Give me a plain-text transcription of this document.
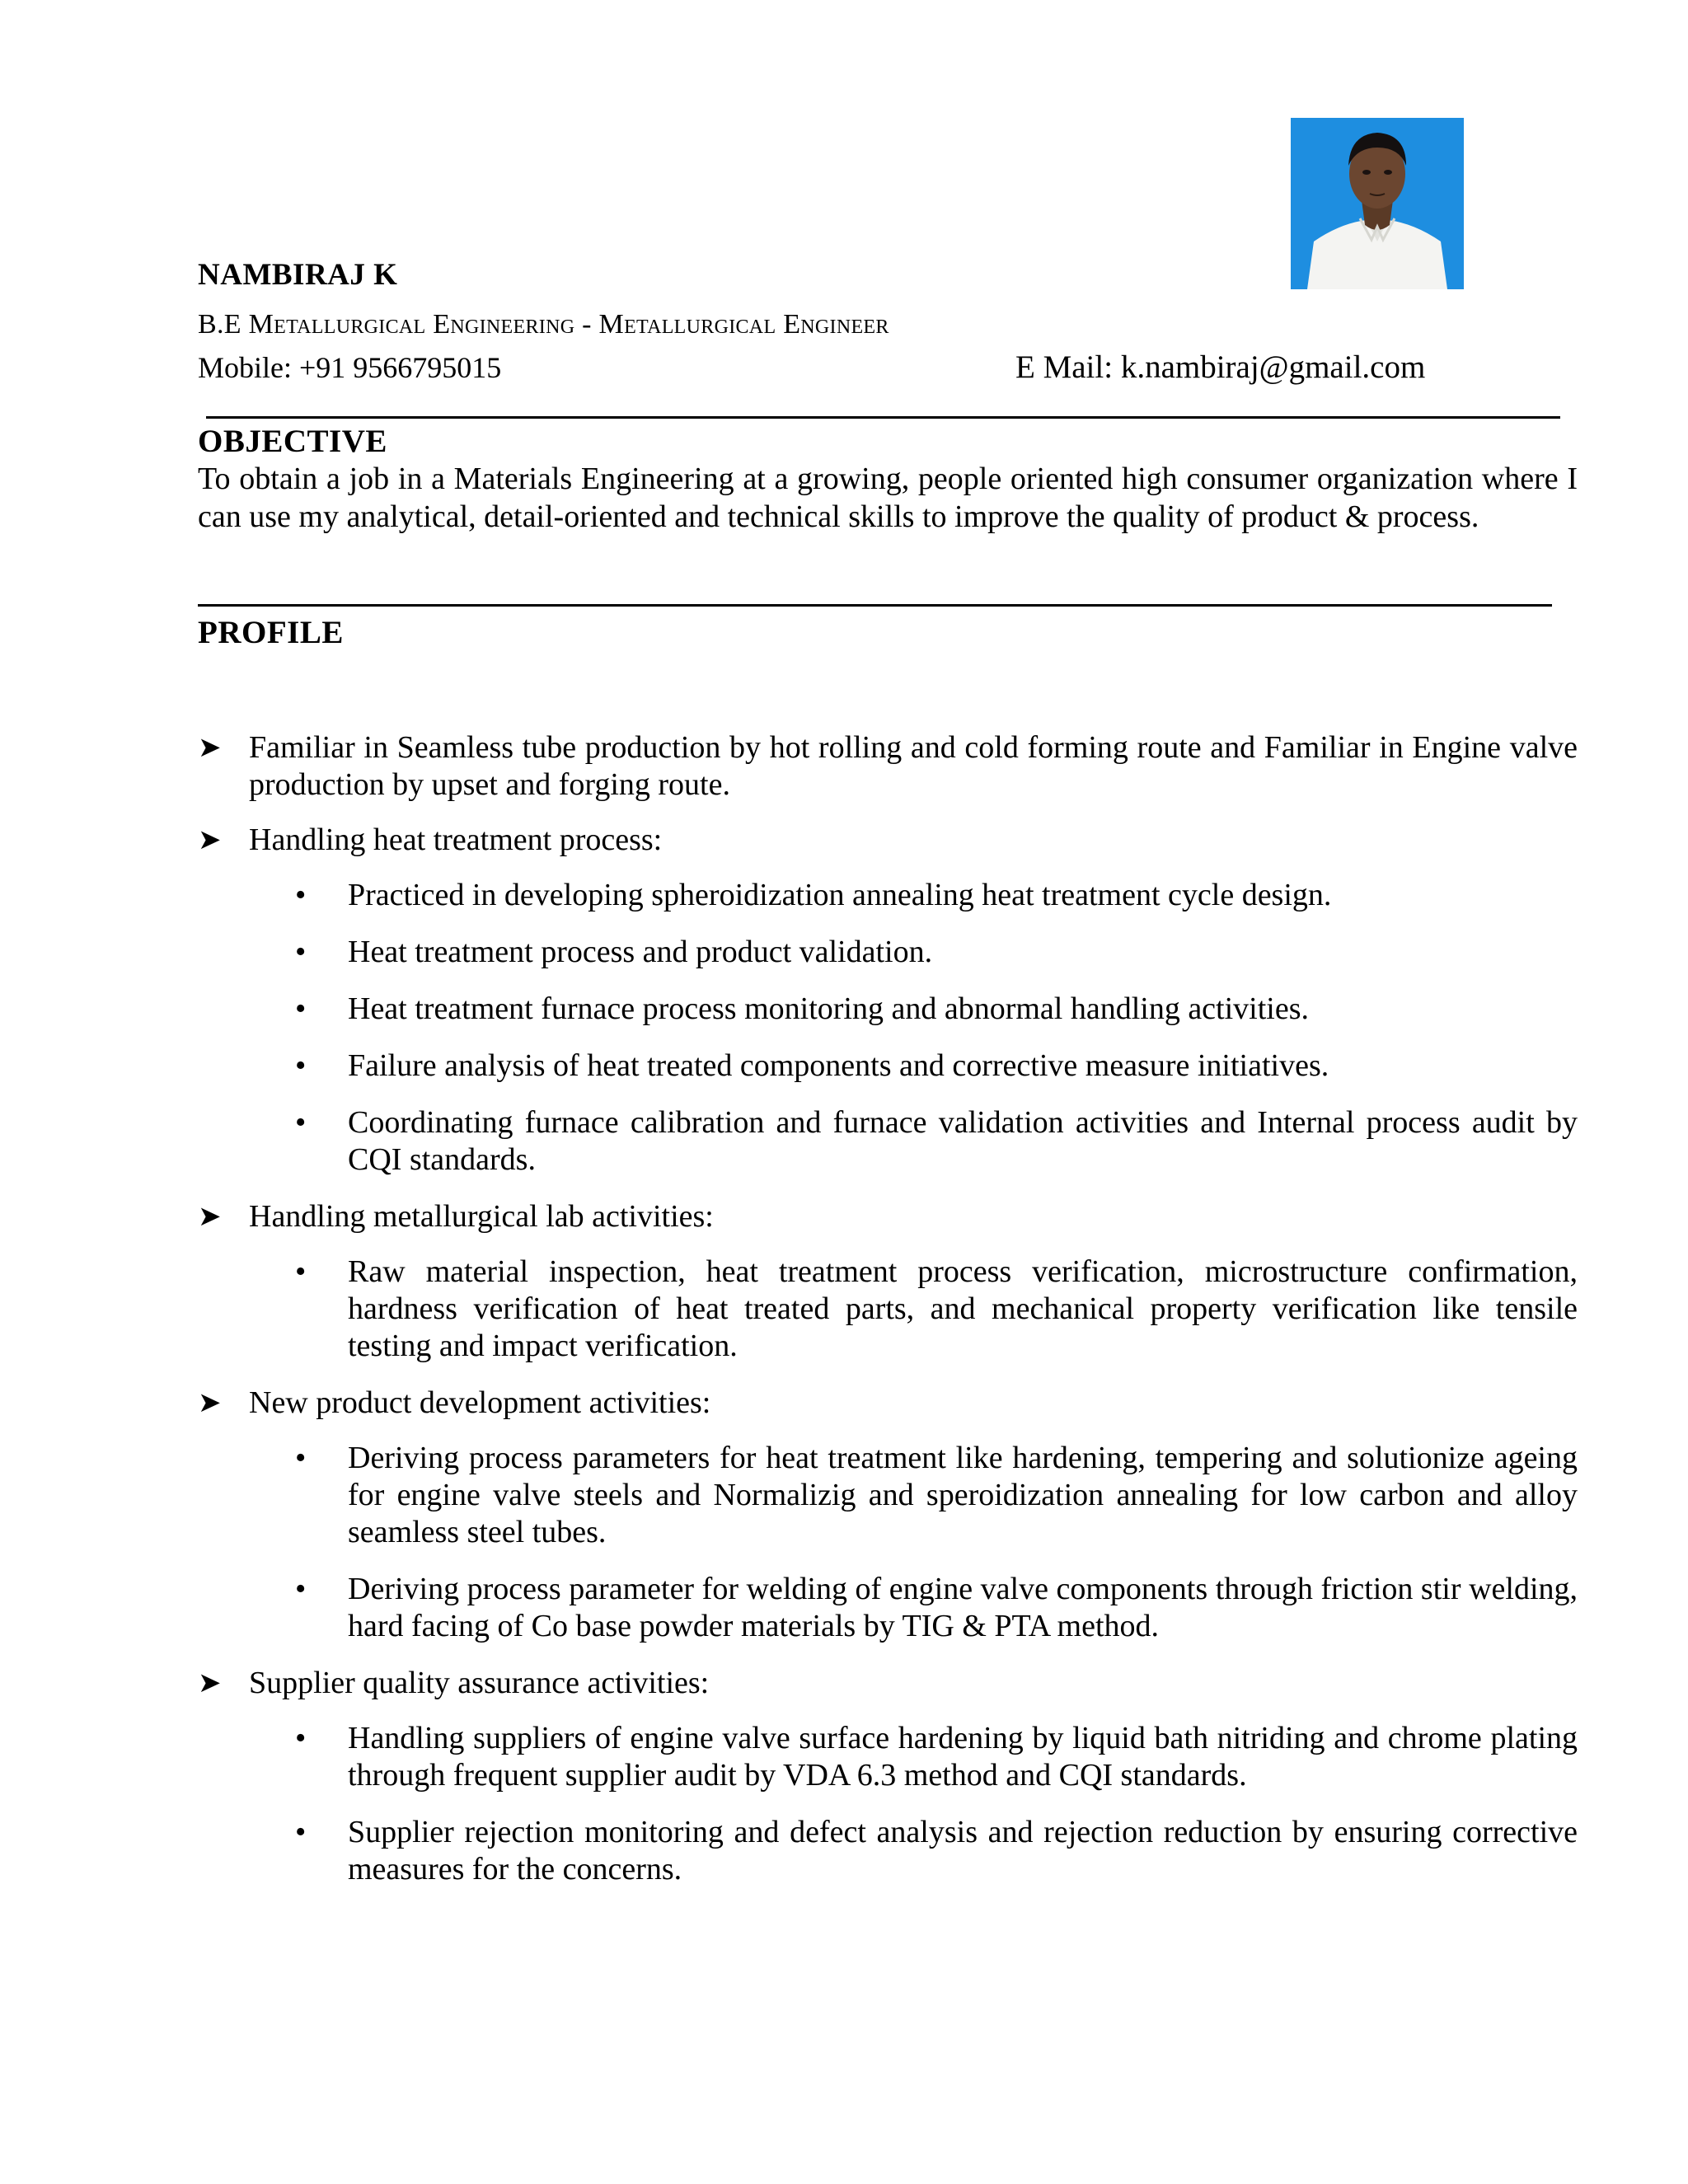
NAMBIRAJ K
B.E Metallurgical Engineering - Metallurgical Engineer
Mobile: +91 9566795015	E Mail: k.nambiraj@gmail.com
OBJECTIVE
To obtain a job in a Materials Engineering at a growing, people oriented high consumer organization where I can use my analytical, detail-oriented and technical skills to improve the quality of product & process.
PROFILE
➤ Familiar in Seamless tube production by hot rolling and cold forming route and Familiar in Engine valve production by upset and forging route.
➤ Handling heat treatment process:
• Practiced in developing spheroidization annealing heat treatment cycle design.
• Heat treatment process and product validation.
• Heat treatment furnace process monitoring and abnormal handling activities.
• Failure analysis of heat treated components and corrective measure initiatives.
• Coordinating furnace calibration and furnace validation activities and Internal process audit by CQI standards.
➤ Handling metallurgical lab activities:
• Raw material inspection, heat treatment process verification, microstructure confirmation, hardness verification of heat treated parts, and mechanical property verification like tensile testing and impact verification.
➤ New product development activities:
• Deriving process parameters for heat treatment like hardening, tempering and solutionize ageing for engine valve steels and Normalizig and speroidization annealing for low carbon and alloy seamless steel tubes.
• Deriving process parameter for welding of engine valve components through friction stir welding, hard facing of Co base powder materials by TIG & PTA method.
➤ Supplier quality assurance activities:
• Handling suppliers of engine valve surface hardening by liquid bath nitriding and chrome plating through frequent supplier audit by VDA 6.3 method and CQI standards.
• Supplier rejection monitoring and defect analysis and rejection reduction by ensuring corrective measures for the concerns.
